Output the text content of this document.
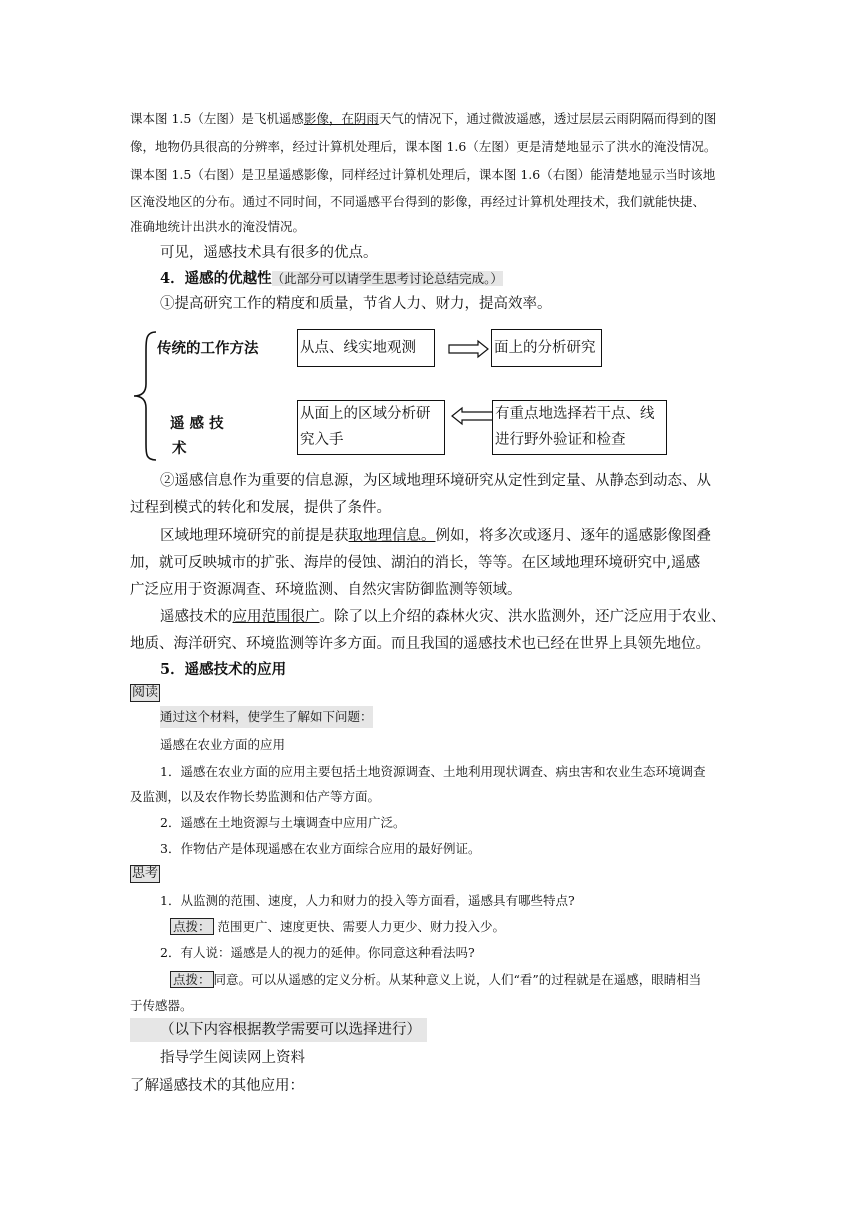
课本图 1.5（左图）是飞机遥感影像，在阴雨天气的情况下，通过微波遥感，透过层层云雨阴隔而得到的图
像，地物仍具很高的分辨率，经过计算机处理后，课本图 1.6（左图）更是清楚地显示了洪水的淹没情况。
课本图 1.5（右图）是卫星遥感影像，同样经过计算机处理后，课本图 1.6（右图）能清楚地显示当时该地
区淹没地区的分布。通过不同时间，不同遥感平台得到的影像，再经过计算机处理技术，我们就能快捷、
准确地统计出洪水的淹没情况。
可见，遥感技术具有很多的优点。
4．遥感的优越性（此部分可以请学生思考讨论总结完成。）
①提高研究工作的精度和质量，节省人力、财力，提高效率。
传统的工作方法	从点、线实地观测	面上的分析研究
遥 感 技
术
从面上的区域分析研究入手
有重点地选择若干点、线进行野外验证和检查
②遥感信息作为重要的信息源，为区域地理环境研究从定性到定量、从静态到动态、从
过程到模式的转化和发展，提供了条件。
区域地理环境研究的前提是获取地理信息。例如，将多次或逐月、逐年的遥感影像图叠
加，就可反映城市的扩张、海岸的侵蚀、湖泊的消长，等等。在区域地理环境研究中,遥感
广泛应用于资源凋查、环境监测、自然灾害防御监测等领域。
遥感技术的应用范围很广。除了以上介绍的森林火灾、洪水监测外，还广泛应用于农业、
地质、海洋研究、环境监测等许多方面。而且我国的遥感技术也已经在世界上具领先地位。
5．遥感技术的应用
阅读
通过这个材料，使学生了解如下问题：
遥感在农业方面的应用
1．遥感在农业方面的应用主要包括土地资源调查、土地利用现状调查、病虫害和农业生态环境调查
及监测，以及农作物长势监测和估产等方面。
2．遥感在土地资源与土壤调查中应用广泛。
3．作物估产是体现遥感在农业方面综合应用的最好例证。
思考
1．从监测的范围、速度，人力和财力的投入等方面看，遥感具有哪些特点?
点拨： 范围更广、速度更快、需要人力更少、财力投入少。
2．有人说：遥感是人的视力的延伸。你同意这种看法吗?
点拨： 同意。可以从遥感的定义分析。从某种意义上说，人们“看”的过程就是在遥感，眼睛相当
于传感器。
（以下内容根据教学需要可以选择进行）
指导学生阅读网上资料
了解遥感技术的其他应用：
